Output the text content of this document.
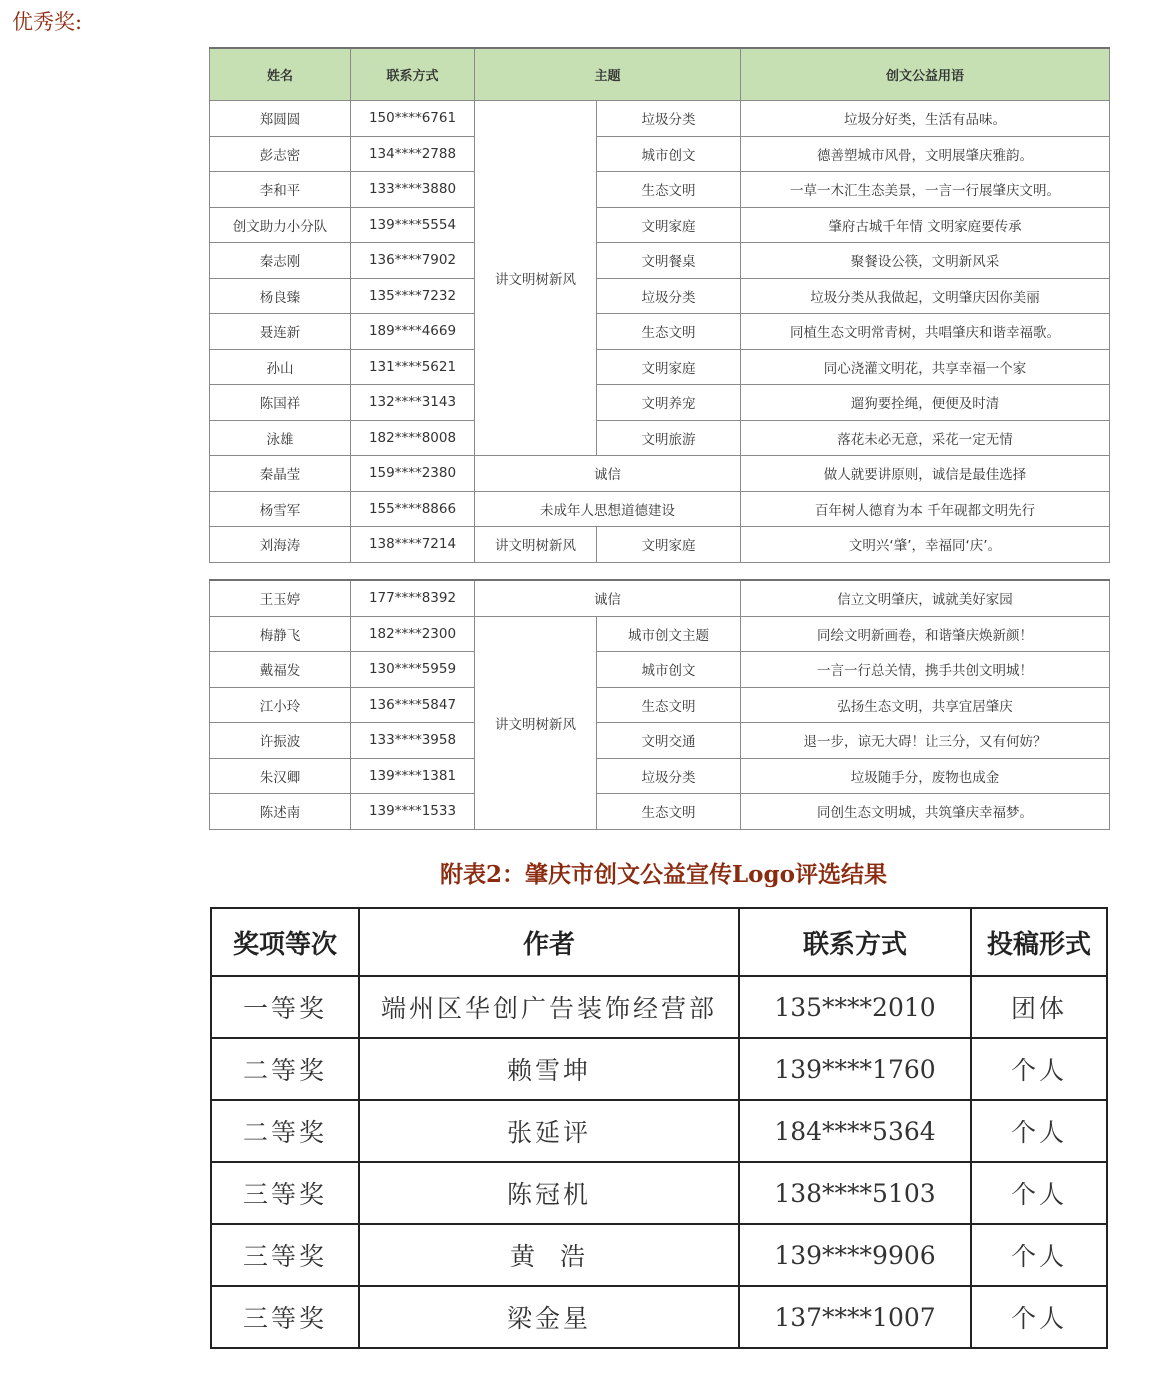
优秀奖:
姓名	联系方式	主题		创文公益用语
郑圆圆	150****6761	讲文明树新风	垃圾分类	垃圾分好类，生活有品味。
彭志密	134****2788		城市创文	德善塑城市风骨，文明展肇庆雅韵。
李和平	133****3880		生态文明	一草一木汇生态美景，一言一行展肇庆文明。
创文助力小分队	139****5554		文明家庭	肇府古城千年情 文明家庭要传承
秦志刚	136****7902		文明餐桌	聚餐设公筷，文明新风采
杨良臻	135****7232		垃圾分类	垃圾分类从我做起，文明肇庆因你美丽
聂连新	189****4669		生态文明	同植生态文明常青树，共唱肇庆和谐幸福歌。
孙山	131****5621		文明家庭	同心浇灌文明花，共享幸福一个家
陈国祥	132****3143		文明养宠	遛狗要拴绳，便便及时清
泳雄	182****8008		文明旅游	落花未必无意，采花一定无情
秦晶莹	159****2380	诚信		做人就要讲原则，诚信是最佳选择
杨雪军	155****8866	未成年人思想道德建设		百年树人德育为本 千年砚都文明先行
刘海涛	138****7214	讲文明树新风	文明家庭	文明兴‘肇’，幸福同‘庆’。
王玉婷	177****8392	诚信		信立文明肇庆，诚就美好家园
梅静飞	182****2300	讲文明树新风	城市创文主题	同绘文明新画卷，和谐肇庆焕新颜！
戴福发	130****5959		城市创文	一言一行总关情，携手共创文明城！
江小玲	136****5847		生态文明	弘扬生态文明，共享宜居肇庆
许振波	133****3958		文明交通	退一步，谅无大碍！让三分，又有何妨？
朱汉卿	139****1381		垃圾分类	垃圾随手分，废物也成金
陈述南	139****1533		生态文明	同创生态文明城，共筑肇庆幸福梦。
附表2：肇庆市创文公益宣传Logo评选结果
奖项等次	作者	联系方式	投稿形式
一等奖	端州区华创广告装饰经营部	135****2010	团体
二等奖	赖雪坤	139****1760	个人
二等奖	张延评	184****5364	个人
三等奖	陈冠机	138****5103	个人
三等奖	黄  浩	139****9906	个人
三等奖	梁金星	137****1007	个人
